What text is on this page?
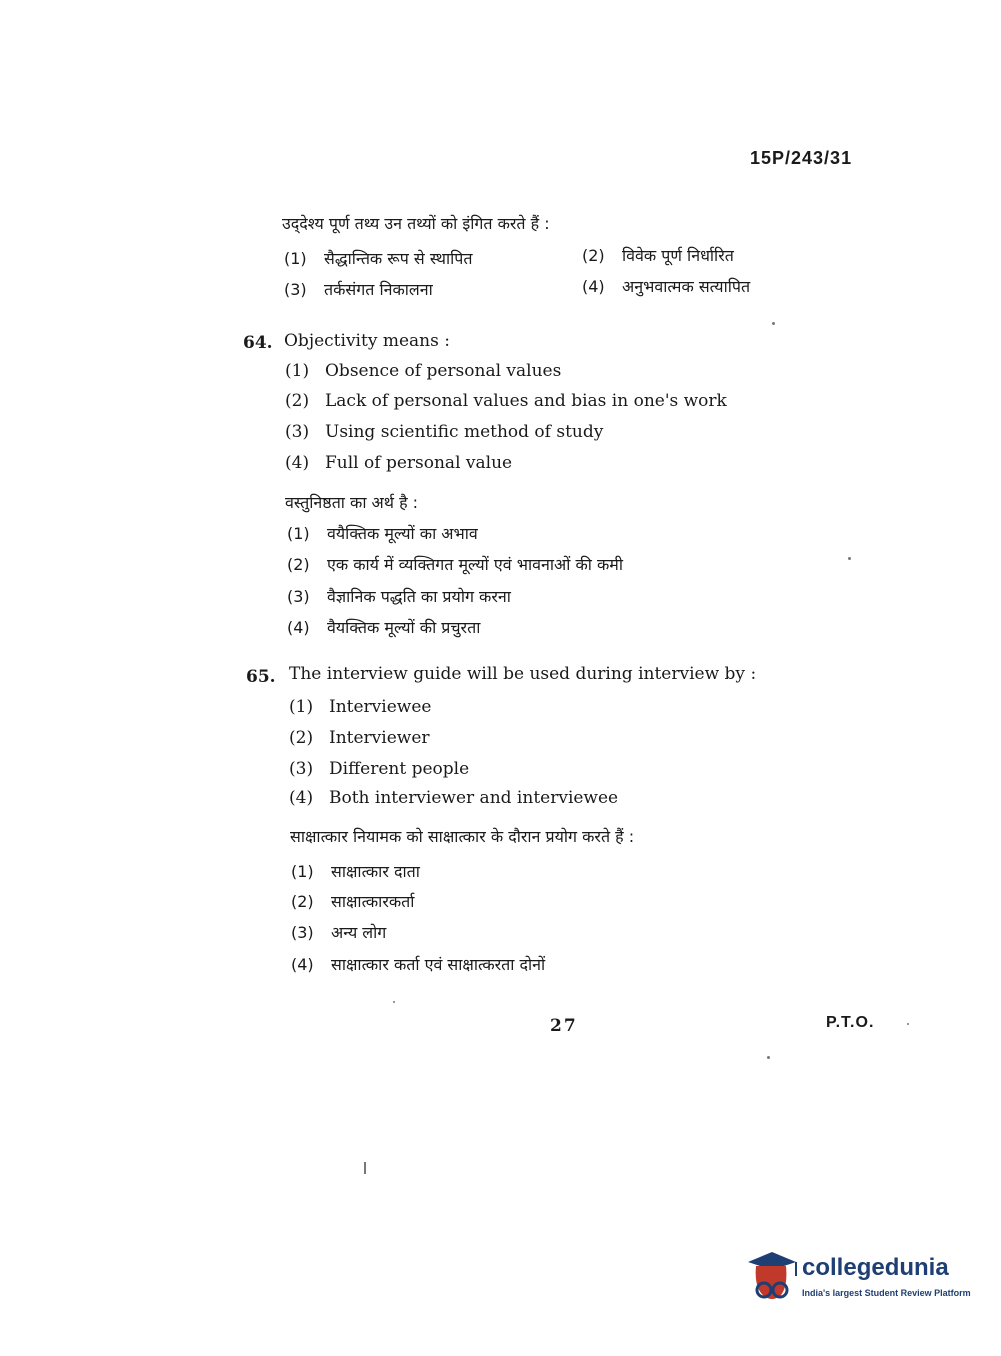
15P/243/31
उद्‌देश्य पूर्ण तथ्य उन तथ्यों को इंगित करते हैं :
(1) सैद्धान्तिक रूप से स्थापित	(2) विवेक पूर्ण निर्धारित
(3) तर्कसंगत निकालना	(4) अनुभवात्मक सत्यापित
64. Objectivity means :
(1) Obsence of personal values
(2) Lack of personal values and bias in one's work
(3) Using scientific method of study
(4) Full of personal value
वस्तुनिष्ठता का अर्थ है :
(1) वयैक्तिक मूल्यों का अभाव
(2) एक कार्य में व्यक्तिगत मूल्यों एवं भावनाओं की कमी
(3) वैज्ञानिक पद्धति का प्रयोग करना
(4) वैयक्तिक मूल्यों की प्रचुरता
65. The interview guide will be used during interview by :
(1) Interviewee
(2) Interviewer
(3) Different people
(4) Both interviewer and interviewee
साक्षात्कार नियामक को साक्षात्कार के दौरान प्रयोग करते हैं :
(1) साक्षात्कार दाता
(2) साक्षात्कारकर्ता
(3) अन्य लोग
(4) साक्षात्कार कर्ता एवं साक्षात्करता दोनों
27	P.T.O.
collegedunia
India's largest Student Review Platform
